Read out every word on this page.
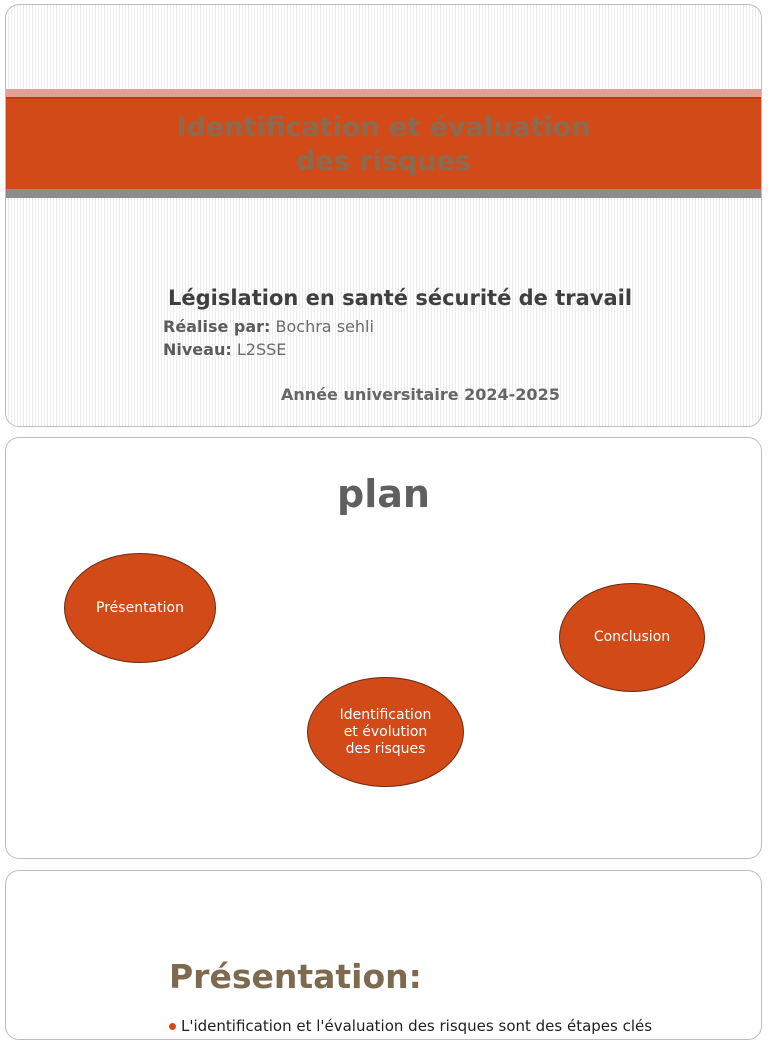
Identification et évaluation
des risques
Législation en santé sécurité de travail
Réalise par: Bochra sehli
Niveau: L2SSE
Année universitaire 2024-2025
plan
Présentation
Conclusion
Identification
et évolution
des risques
Présentation:
L'identification et l'évaluation des risques sont des étapes clés
